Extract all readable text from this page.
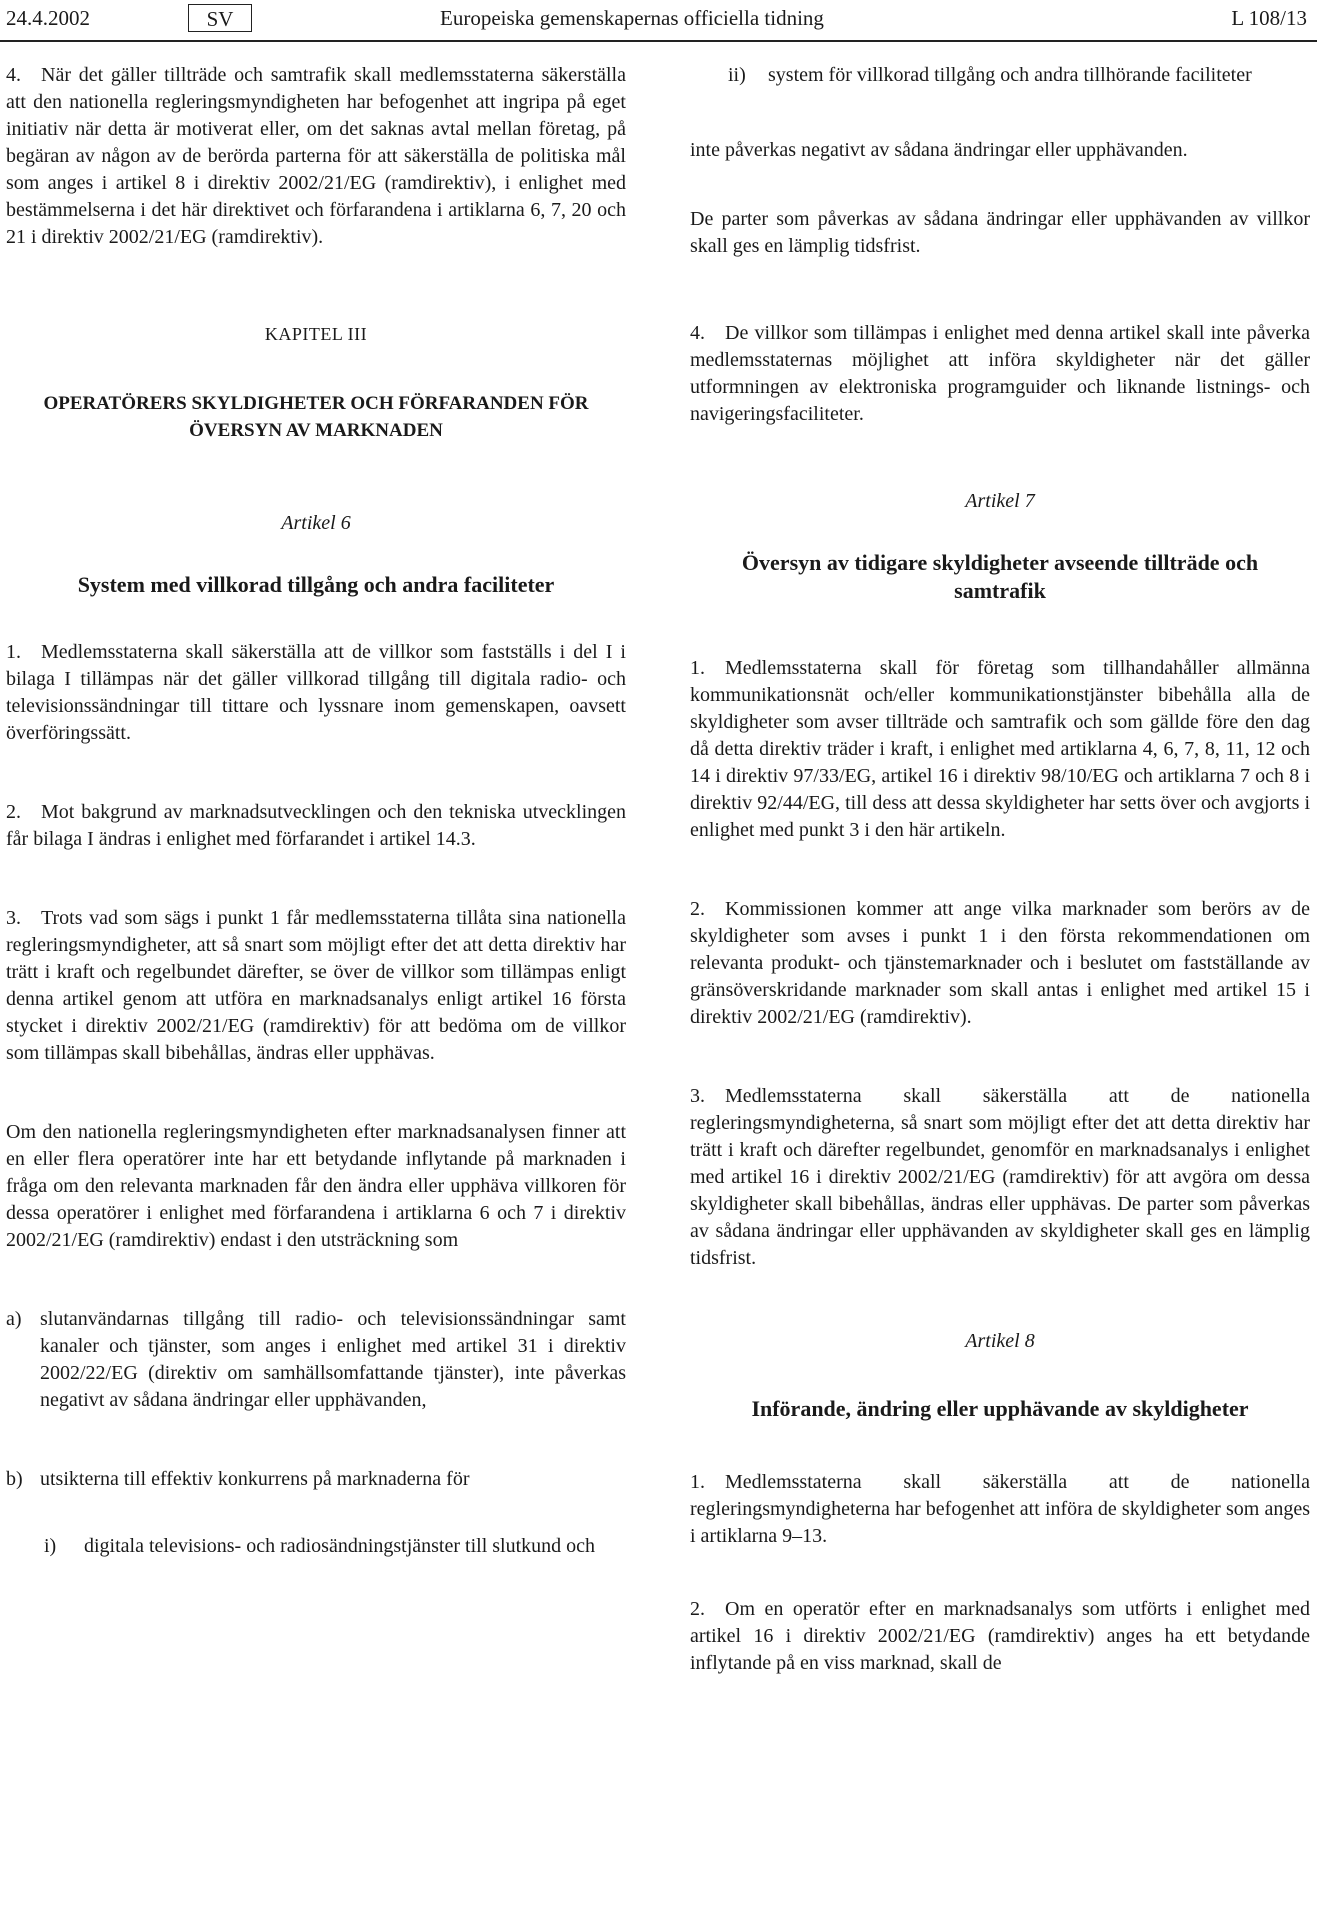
24.4.2002	SV	Europeiska gemenskapernas officiella tidning	L 108/13

4. När det gäller tillträde och samtrafik skall medlemsstaterna säkerställa att den nationella regleringsmyndigheten har befogenhet att ingripa på eget initiativ när detta är motiverat eller, om det saknas avtal mellan företag, på begäran av någon av de berörda parterna för att säkerställa de politiska mål som anges i artikel 8 i direktiv 2002/21/EG (ramdirektiv), i enlighet med bestämmelserna i det här direktivet och förfarandena i artiklarna 6, 7, 20 och 21 i direktiv 2002/21/EG (ramdirektiv).

KAPITEL III
OPERATÖRERS SKYLDIGHETER OCH FÖRFARANDEN FÖR ÖVERSYN AV MARKNADEN
Artikel 6
System med villkorad tillgång och andra faciliteter

1. Medlemsstaterna skall säkerställa att de villkor som fastställs i del I i bilaga I tillämpas när det gäller villkorad tillgång till digitala radio- och televisionssändningar till tittare och lyssnare inom gemenskapen, oavsett överföringssätt.

2. Mot bakgrund av marknadsutvecklingen och den tekniska utvecklingen får bilaga I ändras i enlighet med förfarandet i artikel 14.3.

3. Trots vad som sägs i punkt 1 får medlemsstaterna tillåta sina nationella regleringsmyndigheter, att så snart som möjligt efter det att detta direktiv har trätt i kraft och regelbundet därefter, se över de villkor som tillämpas enligt denna artikel genom att utföra en marknadsanalys enligt artikel 16 första stycket i direktiv 2002/21/EG (ramdirektiv) för att bedöma om de villkor som tillämpas skall bibehållas, ändras eller upphävas.

Om den nationella regleringsmyndigheten efter marknadsanalysen finner att en eller flera operatörer inte har ett betydande inflytande på marknaden i fråga om den relevanta marknaden får den ändra eller upphäva villkoren för dessa operatörer i enlighet med förfarandena i artiklarna 6 och 7 i direktiv 2002/21/EG (ramdirektiv) endast i den utsträckning som

a) slutanvändarnas tillgång till radio- och televisionssändningar samt kanaler och tjänster, som anges i enlighet med artikel 31 i direktiv 2002/22/EG (direktiv om samhällsomfattande tjänster), inte påverkas negativt av sådana ändringar eller upphävanden,
b) utsikterna till effektiv konkurrens på marknaderna för
i)	digitala televisions- och radiosändningstjänster till slutkund och
ii)	system för villkorad tillgång och andra tillhörande faciliteter

inte påverkas negativt av sådana ändringar eller upphävanden.

De parter som påverkas av sådana ändringar eller upphävanden av villkor skall ges en lämplig tidsfrist.

4. De villkor som tillämpas i enlighet med denna artikel skall inte påverka medlemsstaternas möjlighet att införa skyldigheter när det gäller utformningen av elektroniska programguider och liknande listnings- och navigeringsfaciliteter.

Artikel 7
Översyn av tidigare skyldigheter avseende tillträde och samtrafik

1. Medlemsstaterna skall för företag som tillhandahåller allmänna kommunikationsnät och/eller kommunikationstjänster bibehålla alla de skyldigheter som avser tillträde och samtrafik och som gällde före den dag då detta direktiv träder i kraft, i enlighet med artiklarna 4, 6, 7, 8, 11, 12 och 14 i direktiv 97/33/EG, artikel 16 i direktiv 98/10/EG och artiklarna 7 och 8 i direktiv 92/44/EG, till dess att dessa skyldigheter har setts över och avgjorts i enlighet med punkt 3 i den här artikeln.

2. Kommissionen kommer att ange vilka marknader som berörs av de skyldigheter som avses i punkt 1 i den första rekommendationen om relevanta produkt- och tjänstemarknader och i beslutet om fastställande av gränsöverskridande marknader som skall antas i enlighet med artikel 15 i direktiv 2002/21/EG (ramdirektiv).

3. Medlemsstaterna skall säkerställa att de nationella regleringsmyndigheterna, så snart som möjligt efter det att detta direktiv har trätt i kraft och därefter regelbundet, genomför en marknadsanalys i enlighet med artikel 16 i direktiv 2002/21/EG (ramdirektiv) för att avgöra om dessa skyldigheter skall bibehållas, ändras eller upphävas. De parter som påverkas av sådana ändringar eller upphävanden av skyldigheter skall ges en lämplig tidsfrist.

Artikel 8
Införande, ändring eller upphävande av skyldigheter

1. Medlemsstaterna skall säkerställa att de nationella regleringsmyndigheterna har befogenhet att införa de skyldigheter som anges i artiklarna 9–13.

2. Om en operatör efter en marknadsanalys som utförts i enlighet med artikel 16 i direktiv 2002/21/EG (ramdirektiv) anges ha ett betydande inflytande på en viss marknad, skall de
